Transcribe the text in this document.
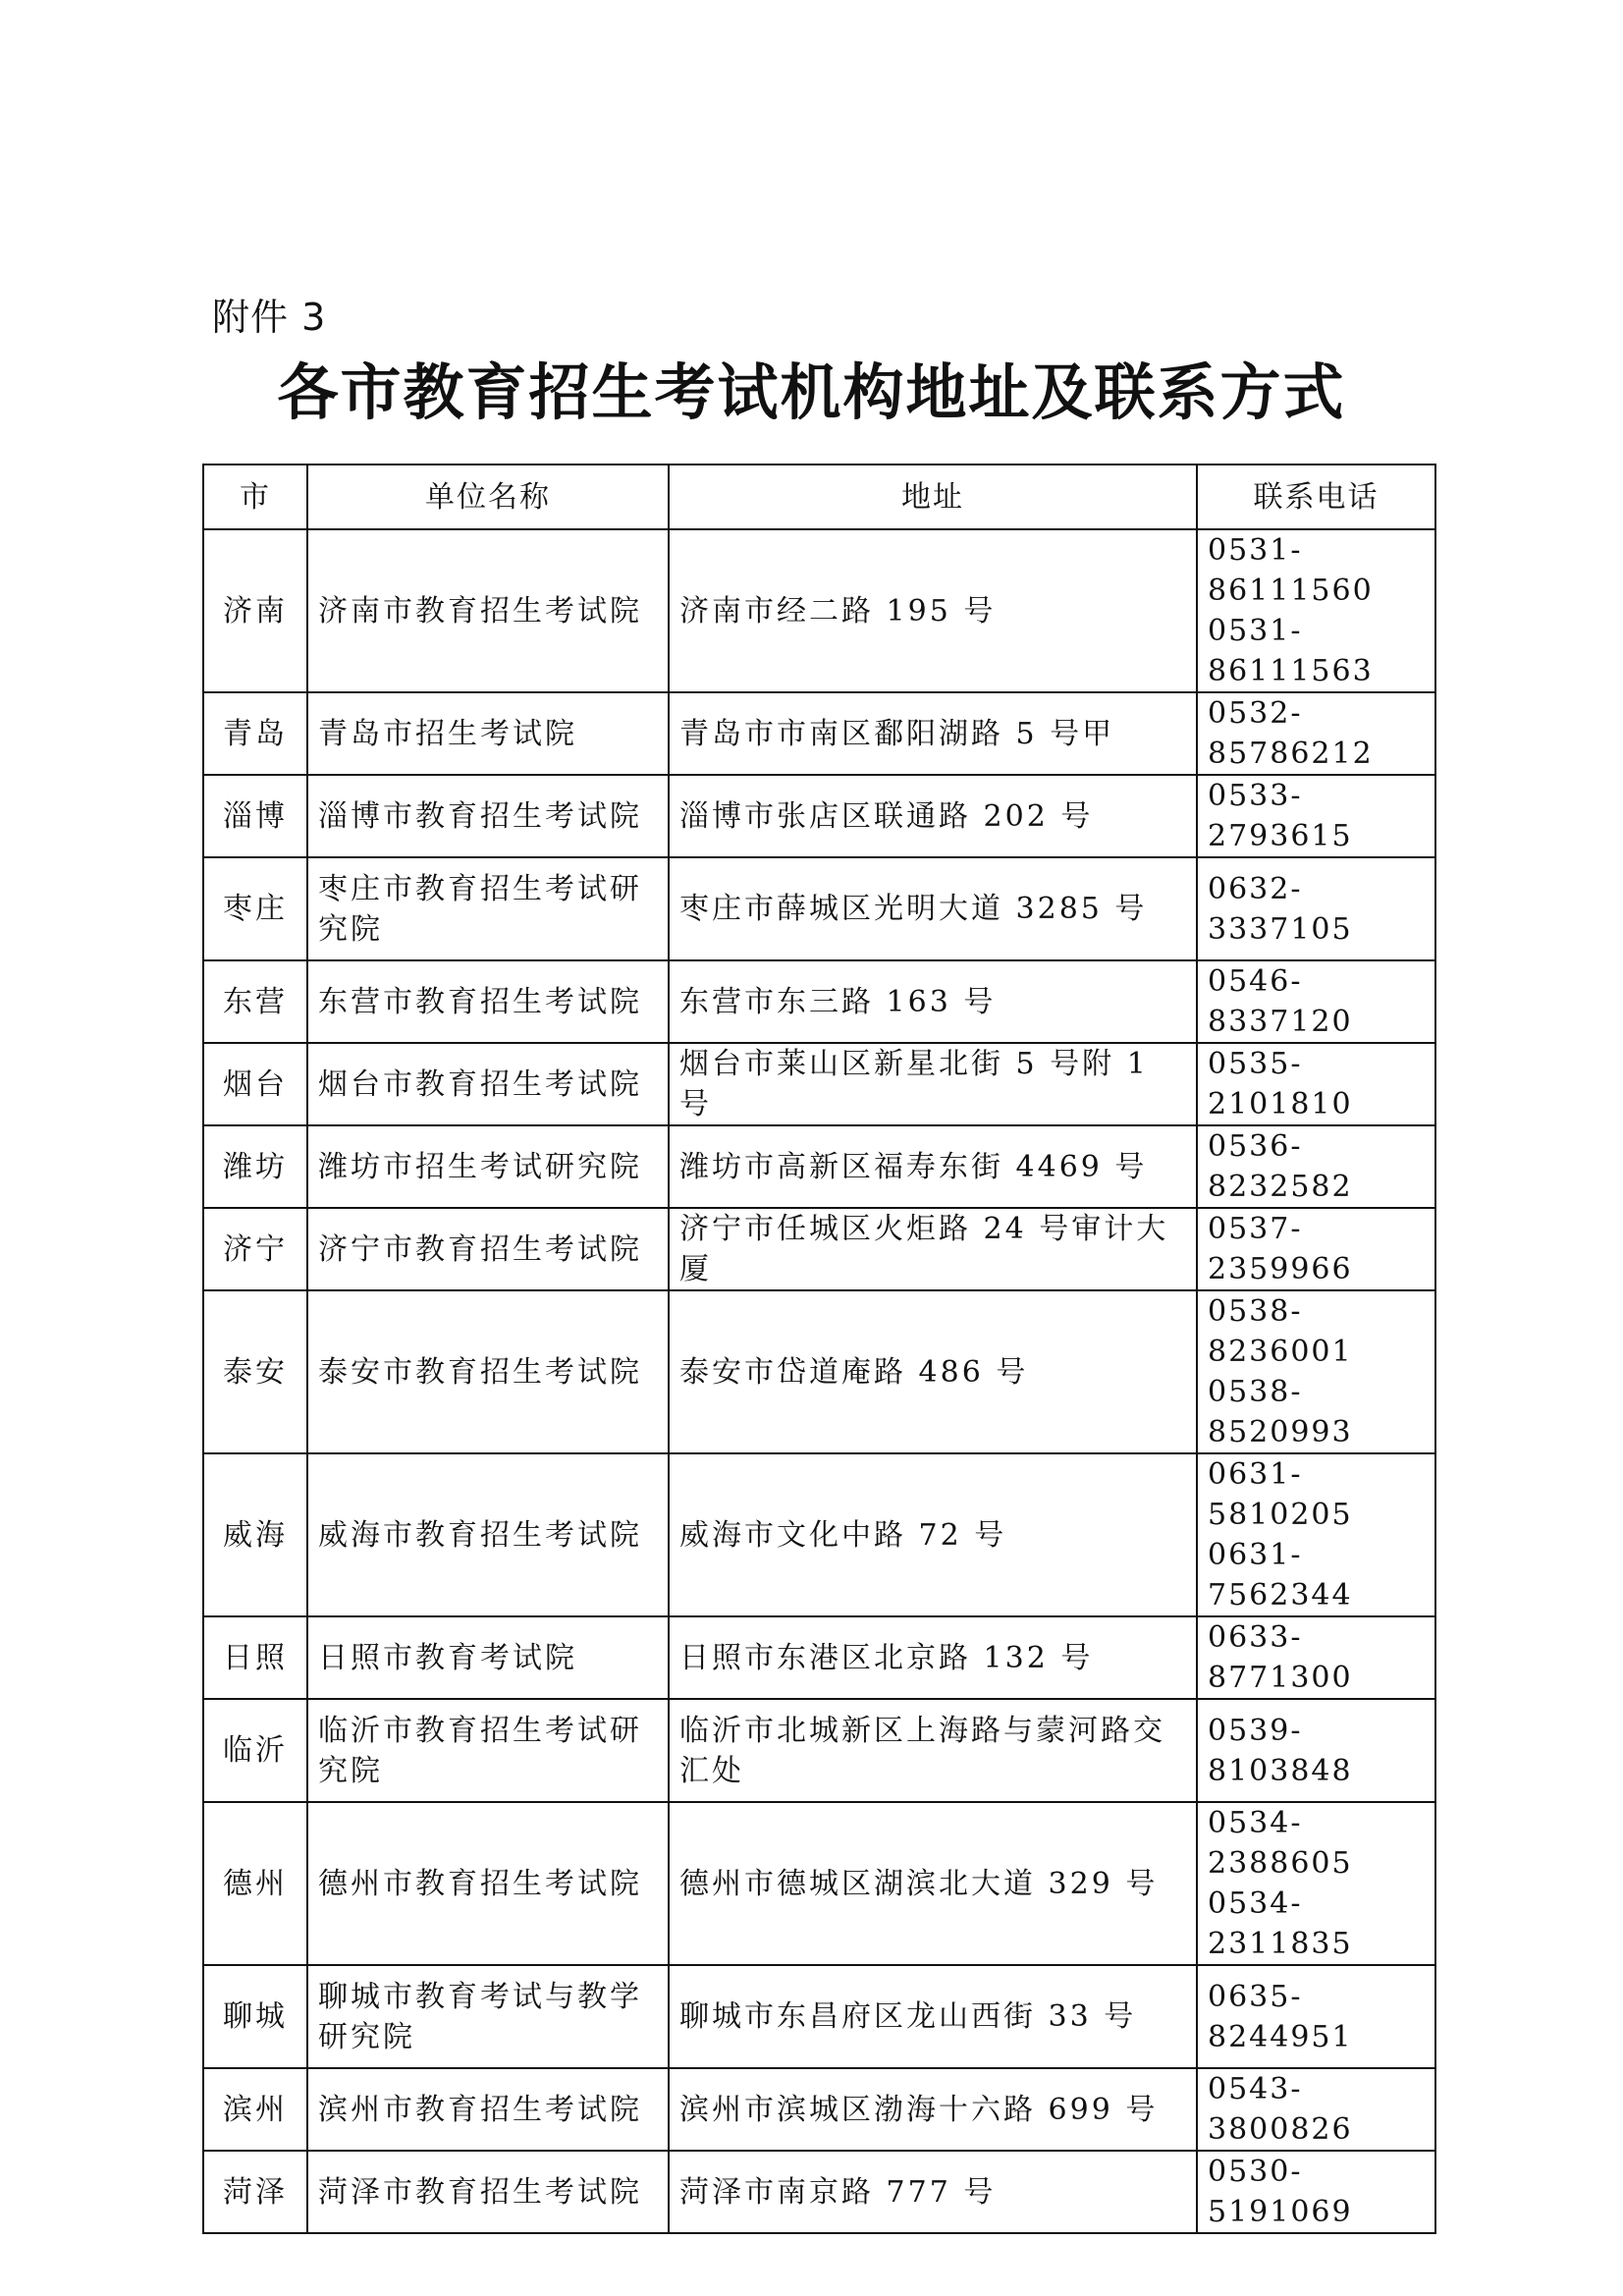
附件 3
各市教育招生考试机构地址及联系方式
市	单位名称	地址	联系电话
济南	济南市教育招生考试院	济南市经二路 195 号	0531-86111560
0531-86111563

青岛	青岛市招生考试院	青岛市市南区鄱阳湖路 5 号甲	0532-85786212

淄博	淄博市教育招生考试院	淄博市张店区联通路 202 号	0533-2793615

枣庄	枣庄市教育招生考试研究院	枣庄市薛城区光明大道 3285 号	0632-3337105

东营	东营市教育招生考试院	东营市东三路 163 号	0546-8337120

烟台	烟台市教育招生考试院	烟台市莱山区新星北街 5 号附 1 号	0535-2101810

潍坊	潍坊市招生考试研究院	潍坊市高新区福寿东街 4469 号	0536-8232582

济宁	济宁市教育招生考试院	济宁市任城区火炬路 24 号审计大厦	0537-2359966

泰安	泰安市教育招生考试院	泰安市岱道庵路 486 号	0538-8236001
0538-8520993

威海	威海市教育招生考试院	威海市文化中路 72 号	0631-5810205
0631-7562344

日照	日照市教育考试院	日照市东港区北京路 132 号	0633-8771300

临沂	临沂市教育招生考试研究院	临沂市北城新区上海路与蒙河路交汇处	0539-8103848

德州	德州市教育招生考试院	德州市德城区湖滨北大道 329 号	0534-2388605
0534-2311835

聊城	聊城市教育考试与教学研究院	聊城市东昌府区龙山西街 33 号	0635-8244951

滨州	滨州市教育招生考试院	滨州市滨城区渤海十六路 699 号	0543-3800826

菏泽	菏泽市教育招生考试院	菏泽市南京路 777 号	0530-5191069
